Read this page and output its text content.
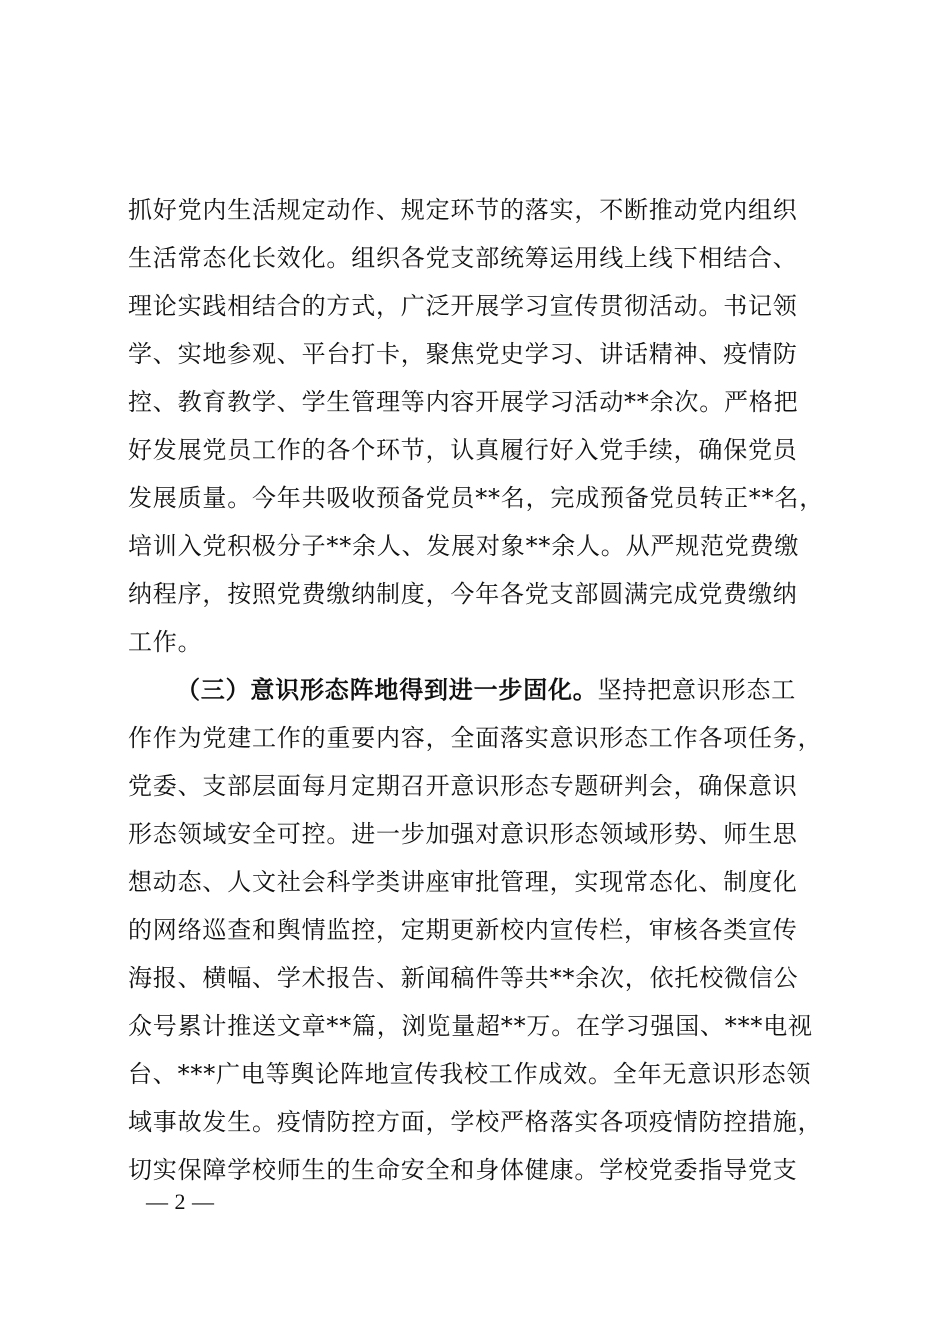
抓好党内生活规定动作、规定环节的落实，不断推动党内组织
生活常态化长效化。组织各党支部统筹运用线上线下相结合、
理论实践相结合的方式，广泛开展学习宣传贯彻活动。书记领
学、实地参观、平台打卡，聚焦党史学习、讲话精神、疫情防
控、教育教学、学生管理等内容开展学习活动**余次。严格把
好发展党员工作的各个环节，认真履行好入党手续，确保党员
发展质量。今年共吸收预备党员**名，完成预备党员转正**名，
培训入党积极分子**余人、发展对象**余人。从严规范党费缴
纳程序，按照党费缴纳制度，今年各党支部圆满完成党费缴纳
工作。
（三）意识形态阵地得到进一步固化。坚持把意识形态工
作作为党建工作的重要内容，全面落实意识形态工作各项任务，
党委、支部层面每月定期召开意识形态专题研判会，确保意识
形态领域安全可控。进一步加强对意识形态领域形势、师生思
想动态、人文社会科学类讲座审批管理，实现常态化、制度化
的网络巡查和舆情监控，定期更新校内宣传栏，审核各类宣传
海报、横幅、学术报告、新闻稿件等共**余次，依托校微信公
众号累计推送文章**篇，浏览量超**万。在学习强国、***电视
台、***广电等舆论阵地宣传我校工作成效。全年无意识形态领
域事故发生。疫情防控方面，学校严格落实各项疫情防控措施，
切实保障学校师生的生命安全和身体健康。学校党委指导党支
— 2 —
